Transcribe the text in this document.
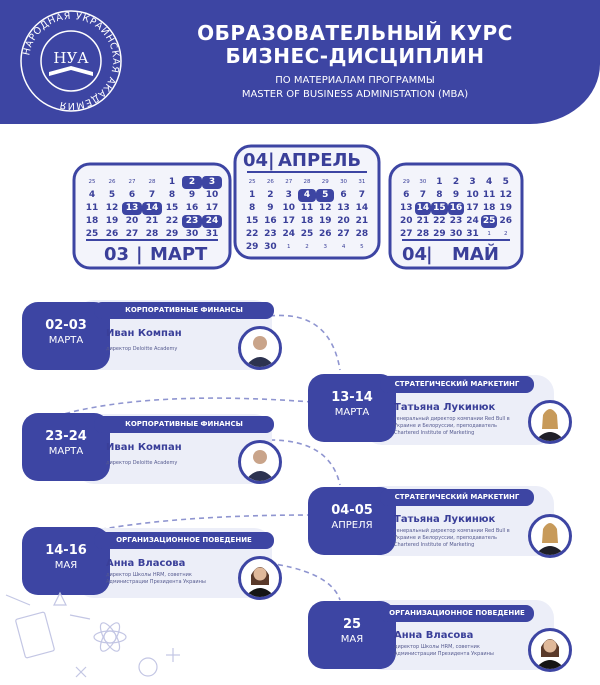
НАРОДНАЯ УКРАИНСКАЯ АКАДЕМИЯ
НУА
ОБРАЗОВАТЕЛЬНЫЙ КУРС
БИЗНЕС-ДИСЦИПЛИН
ПО МАТЕРИАЛАМ ПРОГРАММЫ
MASTER OF BUSINESS ADMINISTATION (MBA)
25	26	27	28	1	2	3
4	5	6	7	8	9	10
11 12 13 14 15 16 17
18 19 20 21 22 23 24
25 26 27 28 29 30 31
03 | МАРТ
04 | АПРЕЛЬ
25	26	27	28	29	30	31
1	2	3	4	5	6	7
8	9 10 11 12 13 14
15 16 17 18 19 20 21
22 23 24 25 26 27 28
29 30	1	2	3	4	5
29	30	1	2	3	4	5
6	7	8	9 10 11 12
13 14 15 16 17 18 19
20 21 22 23 24 25 26
27 28 29 30 31	1	2
04
| МАЙ
02-03
МАРТА
КОРПОРАТИВНЫЕ ФИНАНСЫ
Иван Компан
директор Deloitte Academy
13-14
МАРТА
СТРАТЕГИЧЕСКИЙ МАРКЕТИНГ
Татьяна Лукинюк
генеральный директор компании Red Bull в Украине и Белоруссии, преподаватель Chartered Institute of Marketing
23-24
МАРТА
КОРПОРАТИВНЫЕ ФИНАНСЫ
Иван Компан
директор Deloitte Academy
04-05
АПРЕЛЯ
СТРАТЕГИЧЕСКИЙ МАРКЕТИНГ
Татьяна Лукинюк
генеральный директор компании Red Bull в Украине и Белоруссии, преподаватель Chartered Institute of Marketing
14-16
МАЯ
ОРГАНИЗАЦИОННОЕ ПОВЕДЕНИЕ
Анна Власова
директор Школы HRM, советник Администрации Президента Украины
25
МАЯ
ОРГАНИЗАЦИОННОЕ ПОВЕДЕНИЕ
Анна Власова
директор Школы HRM, советник Администрации Президента Украины
